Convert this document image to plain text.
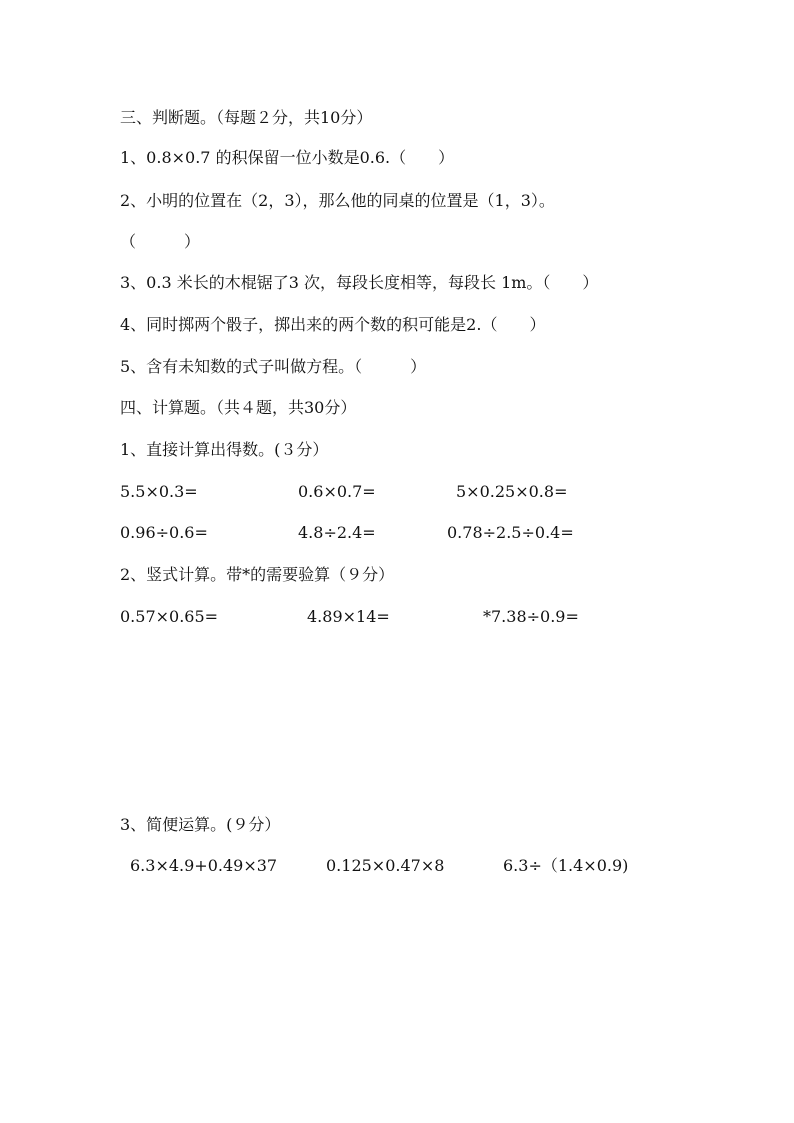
三、判断题。（每题２分，共10分）
1、0.8×0.7 的积保留一位小数是0.6.（　　）
2、小明的位置在（2，3），那么他的同桌的位置是（1，3）。
（　　　）
3、0.3 米长的木棍锯了3 次，每段长度相等，每段长 1m。（　　）
4、同时掷两个骰子，掷出来的两个数的积可能是2.（　　）
5、含有未知数的式子叫做方程。（　　　）
四、计算题。（共４题，共30分）
1、直接计算出得数。(３分）
5.5×0.3=	0.6×0.7=	5×0.25×0.8=
0.96÷0.6=	4.8÷2.4=	0.78÷2.5÷0.4=
2、竖式计算。带*的需要验算（９分）
0.57×0.65=	4.89×14=	*7.38÷0.9=
3、简便运算。(９分）
6.3×4.9+0.49×37	0.125×0.47×8	6.3÷（1.4×0.9)
